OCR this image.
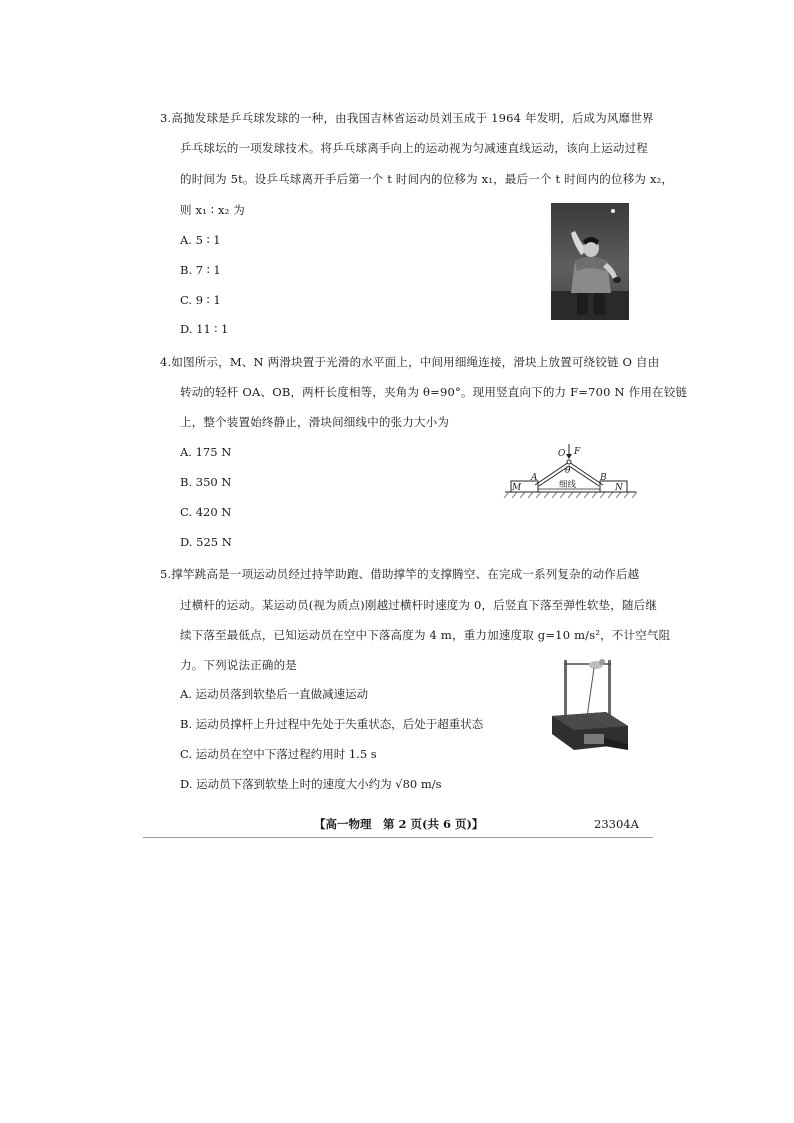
3.高抛发球是乒乓球发球的一种，由我国吉林省运动员刘玉成于 1964 年发明，后成为风靡世界
乒乓球坛的一项发球技术。将乒乓球离手向上的运动视为匀减速直线运动，该向上运动过程
的时间为 5t。设乒乓球离开手后第一个 t 时间内的位移为 x₁，最后一个 t 时间内的位移为 x₂，
则 x₁ ∶ x₂ 为
A. 5 ∶ 1
B. 7 ∶ 1
C. 9 ∶ 1
D. 11 ∶ 1
4.如图所示，M、N 两滑块置于光滑的水平面上，中间用细绳连接，滑块上放置可绕铰链 O 自由
转动的轻杆 OA、OB，两杆长度相等，夹角为 θ=90°。现用竖直向下的力 F=700 N 作用在铰链
上，整个装置始终静止，滑块间细线中的张力大小为
A. 175 N
B. 350 N
C. 420 N
D. 525 N
O F
θ
A	B
M	N
细线
5.撑竿跳高是一项运动员经过持竿助跑、借助撑竿的支撑腾空、在完成一系列复杂的动作后越
过横杆的运动。某运动员(视为质点)刚越过横杆时速度为 0，后竖直下落至弹性软垫，随后继
续下落至最低点，已知运动员在空中下落高度为 4 m，重力加速度取 g=10 m/s²，不计空气阻
力。下列说法正确的是
A. 运动员落到软垫后一直做减速运动
B. 运动员撑杆上升过程中先处于失重状态，后处于超重状态
C. 运动员在空中下落过程约用时 1.5 s
D. 运动员下落到软垫上时的速度大小约为 √80 m/s
【高一物理　第 2 页(共 6 页)】	23304A
